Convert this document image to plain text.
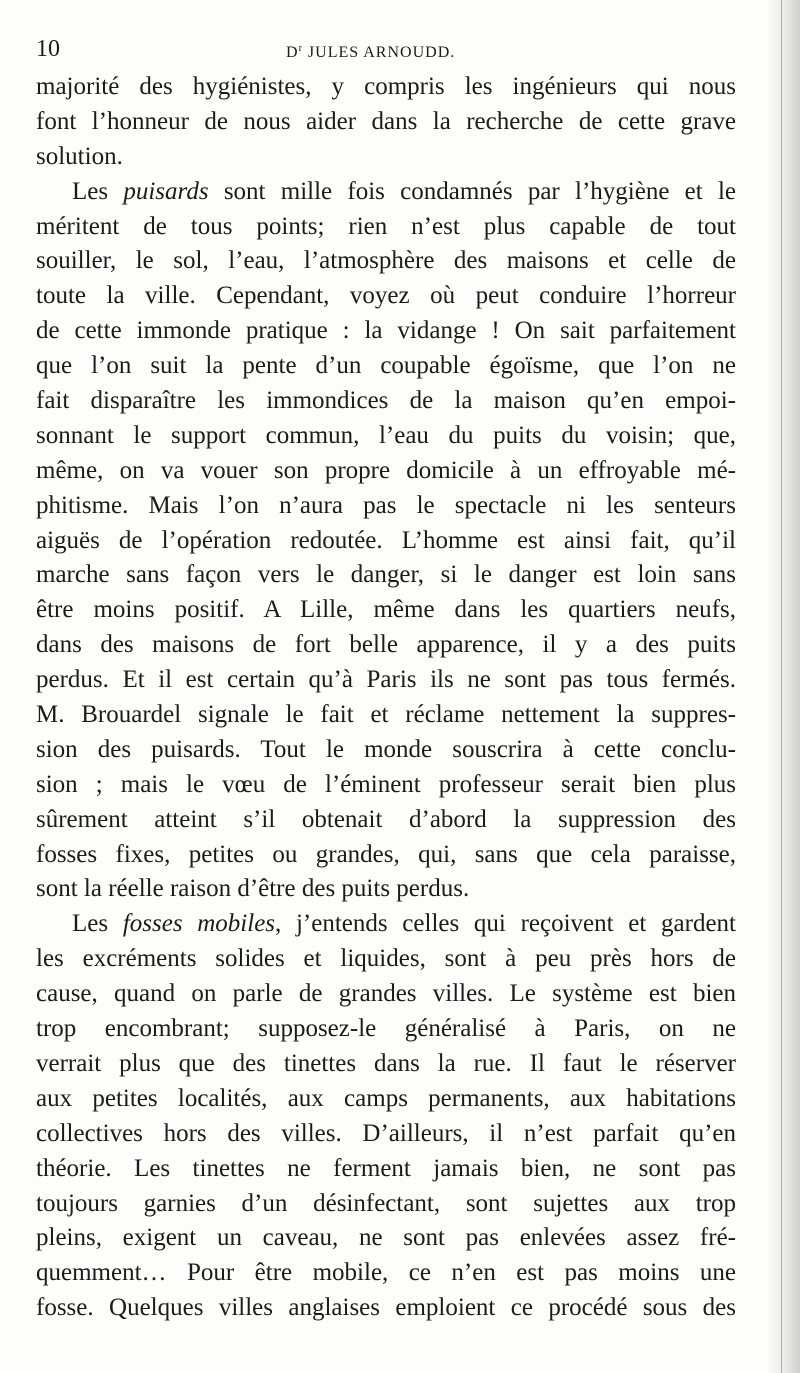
10	$D^r$ JULES ARNOUDD.
majorité des hygiénistes, y compris les ingénieurs qui nous
font l’honneur de nous aider dans la recherche de cette grave
solution.
Les puisards sont mille fois condamnés par l’hygiène et le
méritent de tous points; rien n’est plus capable de tout
souiller, le sol, l’eau, l’atmosphère des maisons et celle de
toute la ville. Cependant, voyez où peut conduire l’horreur
de cette immonde pratique : la vidange ! On sait parfaitement
que l’on suit la pente d’un coupable égoïsme, que l’on ne
fait disparaître les immondices de la maison qu’en empoi-
sonnant le support commun, l’eau du puits du voisin; que,
même, on va vouer son propre domicile à un effroyable mé-
phitisme. Mais l’on n’aura pas le spectacle ni les senteurs
aiguës de l’opération redoutée. L’homme est ainsi fait, qu’il
marche sans façon vers le danger, si le danger est loin sans
être moins positif. A Lille, même dans les quartiers neufs,
dans des maisons de fort belle apparence, il y a des puits
perdus. Et il est certain qu’à Paris ils ne sont pas tous fermés.
M. Brouardel signale le fait et réclame nettement la suppres-
sion des puisards. Tout le monde souscrira à cette conclu-
sion ; mais le vœu de l’éminent professeur serait bien plus
sûrement atteint s’il obtenait d’abord la suppression des
fosses fixes, petites ou grandes, qui, sans que cela paraisse,
sont la réelle raison d’être des puits perdus.
Les fosses mobiles, j’entends celles qui reçoivent et gardent
les excréments solides et liquides, sont à peu près hors de
cause, quand on parle de grandes villes. Le système est bien
trop encombrant; supposez-le généralisé à Paris, on ne
verrait plus que des tinettes dans la rue. Il faut le réserver
aux petites localités, aux camps permanents, aux habitations
collectives hors des villes. D’ailleurs, il n’est parfait qu’en
théorie. Les tinettes ne ferment jamais bien, ne sont pas
toujours garnies d’un désinfectant, sont sujettes aux trop
pleins, exigent un caveau, ne sont pas enlevées assez fré-
quemment… Pour être mobile, ce n’en est pas moins une
fosse. Quelques villes anglaises emploient ce procédé sous des
